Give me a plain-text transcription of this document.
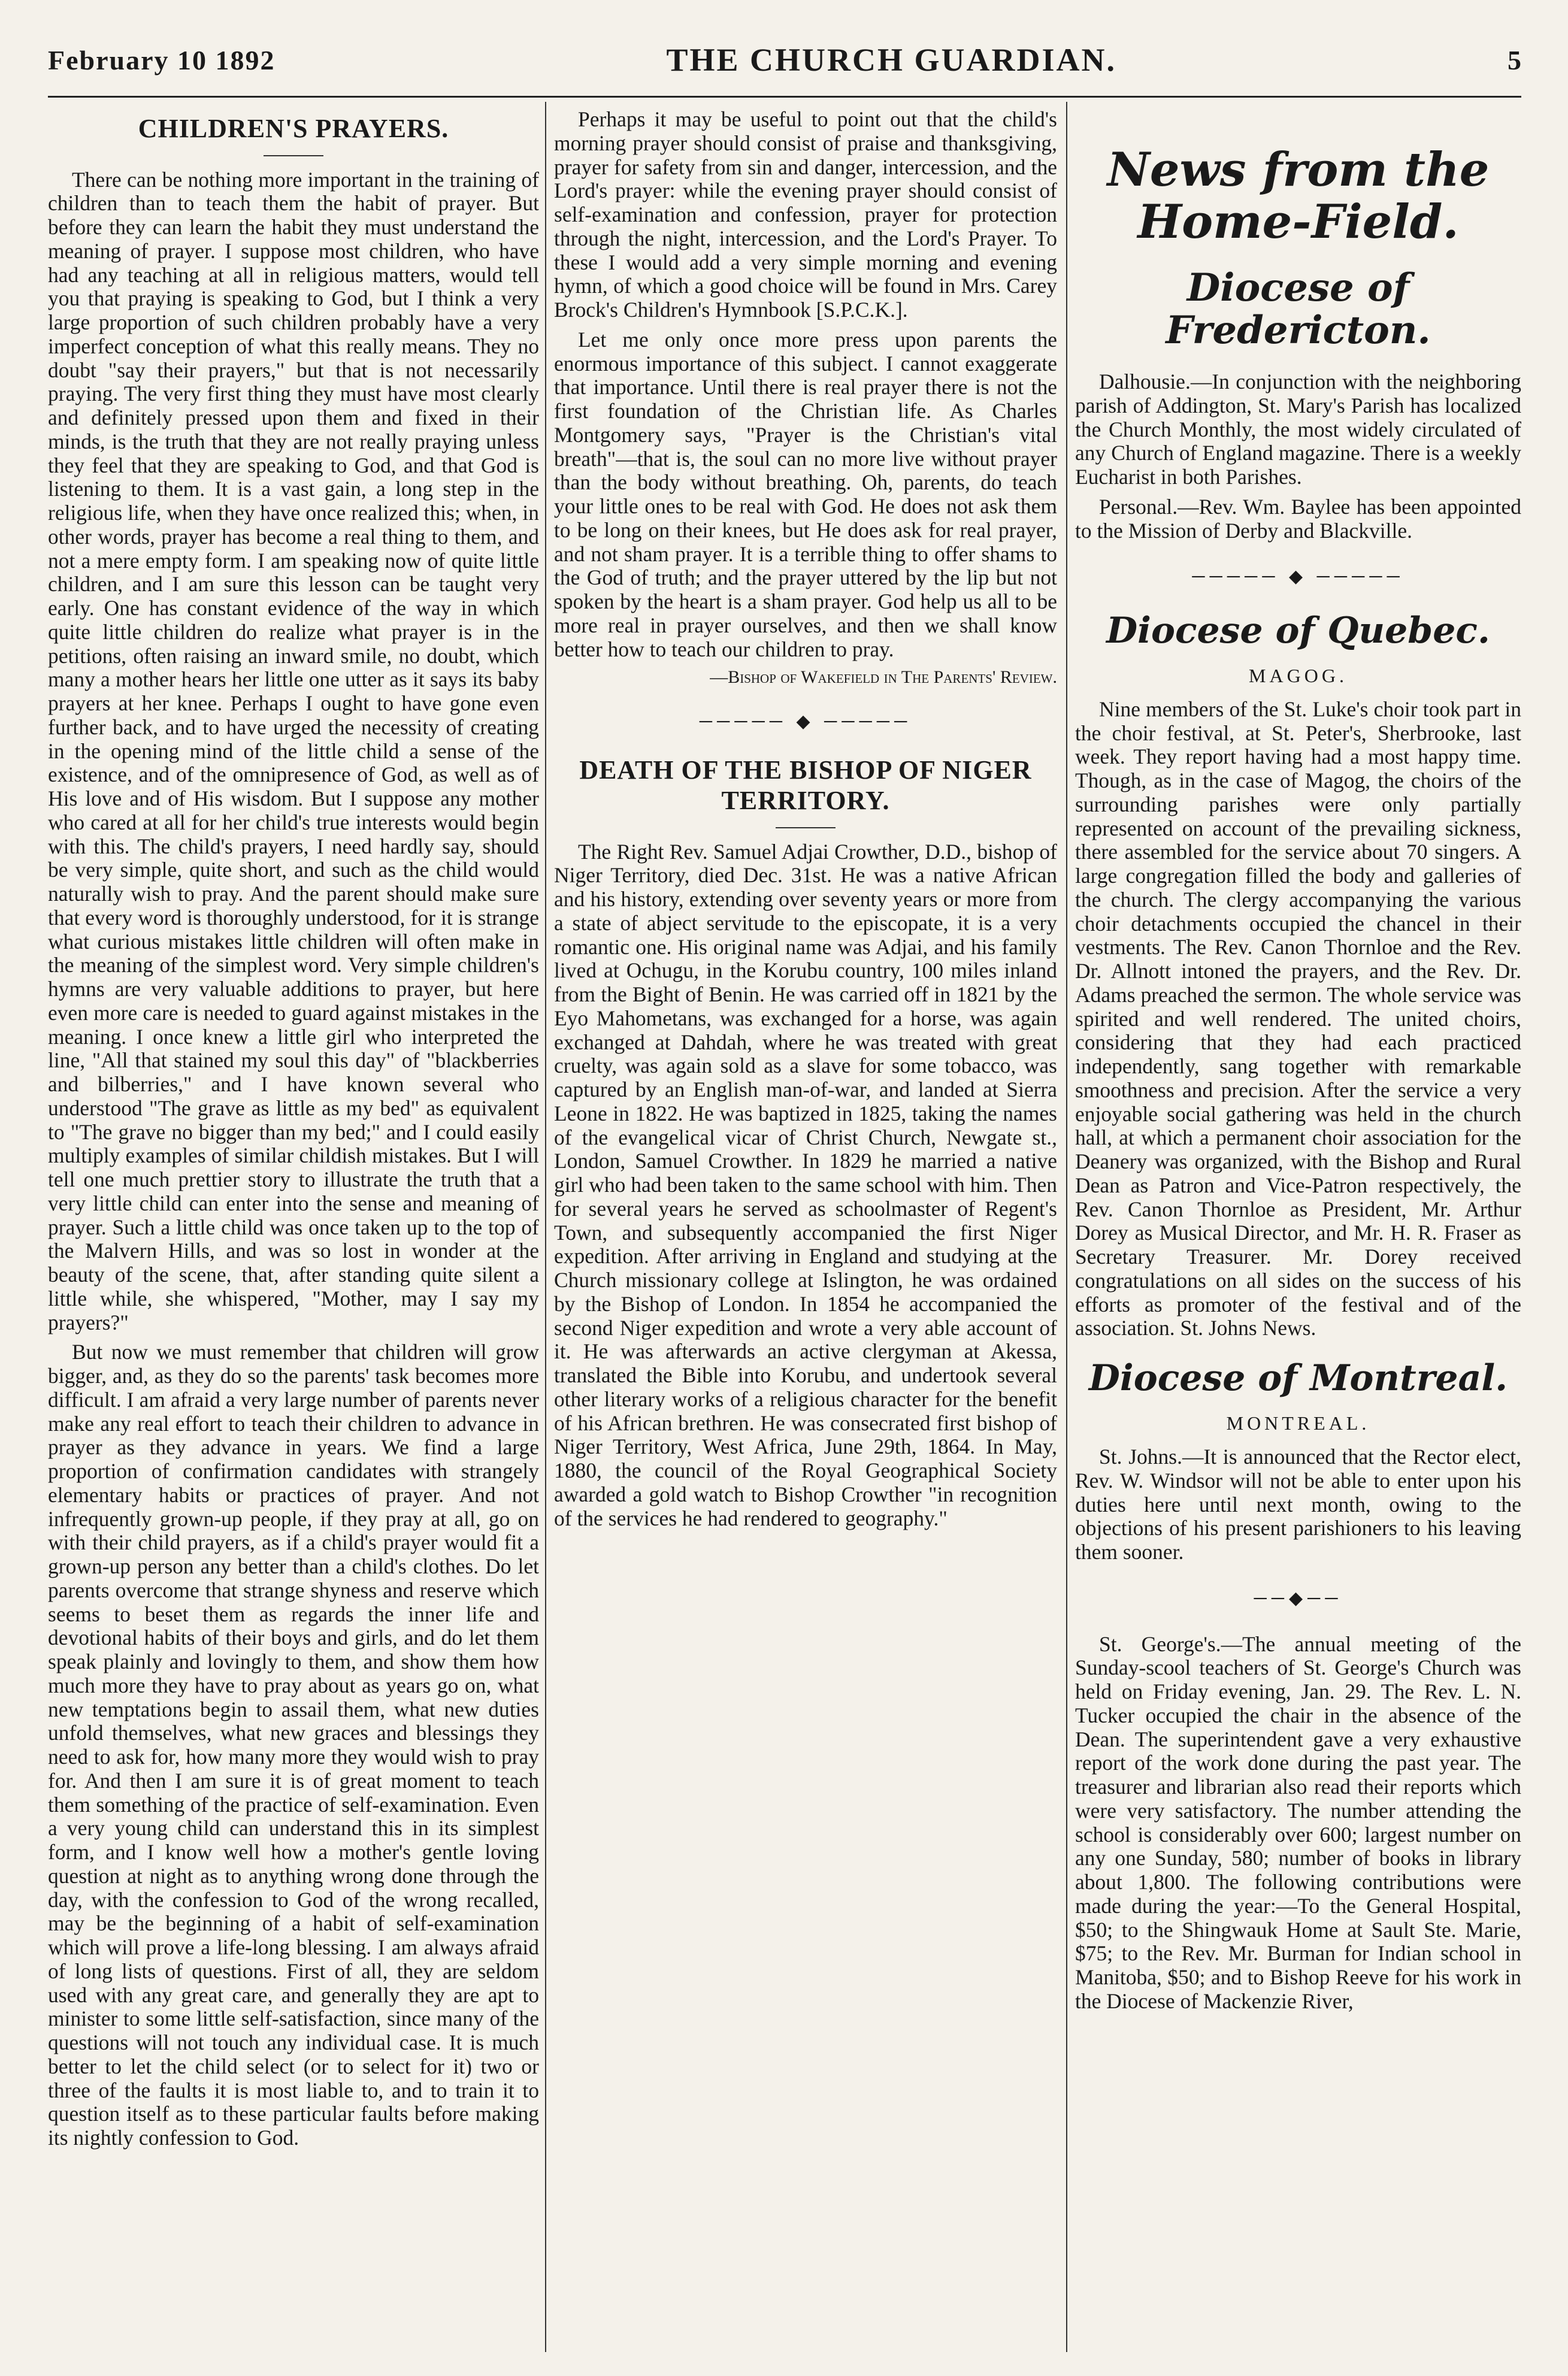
February 10 1892	THE CHURCH GUARDIAN.	5
CHILDREN'S PRAYERS.

There can be nothing more important in the training of children than to teach them the habit of prayer. But before they can learn the habit they must understand the meaning of prayer. I suppose most children, who have had any teaching at all in religious matters, would tell you that praying is speaking to God, but I think a very large proportion of such children probably have a very imperfect conception of what this really means. They no doubt "say their prayers," but that is not necessarily praying. The very first thing they must have most clearly and definitely pressed upon them and fixed in their minds, is the truth that they are not really praying unless they feel that they are speaking to God, and that God is listening to them. It is a vast gain, a long step in the religious life, when they have once realized this; when, in other words, prayer has become a real thing to them, and not a mere empty form. I am speaking now of quite little children, and I am sure this lesson can be taught very early. One has constant evidence of the way in which quite little children do realize what prayer is in the petitions, often raising an inward smile, no doubt, which many a mother hears her little one utter as it says its baby prayers at her knee. Perhaps I ought to have gone even further back, and to have urged the necessity of creating in the opening mind of the little child a sense of the existence, and of the omnipresence of God, as well as of His love and of His wisdom. But I suppose any mother who cared at all for her child's true interests would begin with this. The child's prayers, I need hardly say, should be very simple, quite short, and such as the child would naturally wish to pray. And the parent should make sure that every word is thoroughly understood, for it is strange what curious mistakes little children will often make in the meaning of the simplest word. Very simple children's hymns are very valuable additions to prayer, but here even more care is needed to guard against mistakes in the meaning. I once knew a little girl who interpreted the line, "All that stained my soul this day" of "blackberries and bilberries," and I have known several who understood "The grave as little as my bed" as equivalent to "The grave no bigger than my bed;" and I could easily multiply examples of similar childish mistakes. But I will tell one much prettier story to illustrate the truth that a very little child can enter into the sense and meaning of prayer. Such a little child was once taken up to the top of the Malvern Hills, and was so lost in wonder at the beauty of the scene, that, after standing quite silent a little while, she whispered, "Mother, may I say my prayers?"

But now we must remember that children will grow bigger, and, as they do so the parents' task becomes more difficult. I am afraid a very large number of parents never make any real effort to teach their children to advance in prayer as they advance in years. We find a large proportion of confirmation candidates with strangely elementary habits or practices of prayer. And not infrequently grown-up people, if they pray at all, go on with their child prayers, as if a child's prayer would fit a grown-up person any better than a child's clothes. Do let parents overcome that strange shyness and reserve which seems to beset them as regards the inner life and devotional habits of their boys and girls, and do let them speak plainly and lovingly to them, and show them how much more they have to pray about as years go on, what new temptations begin to assail them, what new duties unfold themselves, what new graces and blessings they need to ask for, how many more they would wish to pray for. And then I am sure it is of great moment to teach them something of the practice of self-examination. Even a very young child can understand this in its simplest form, and I know well how a mother's gentle loving question at night as to anything wrong done through the day, with the confession to God of the wrong recalled, may be the beginning of a habit of self-examination which will prove a life-long blessing. I am always afraid of long lists of questions. First of all, they are seldom used with any great care, and generally they are apt to minister to some little self-satisfaction, since many of the questions will not touch any individual case. It is much better to let the child select (or to select for it) two or three of the faults it is most liable to, and to train it to question itself as to these particular faults before making its nightly confession to God.

Perhaps it may be useful to point out that the child's morning prayer should consist of praise and thanksgiving, prayer for safety from sin and danger, intercession, and the Lord's prayer: while the evening prayer should consist of self-examination and confession, prayer for protection through the night, intercession, and the Lord's Prayer. To these I would add a very simple morning and evening hymn, of which a good choice will be found in Mrs. Carey Brock's Children's Hymnbook [S.P.C.K.].

Let me only once more press upon parents the enormous importance of this subject. I cannot exaggerate that importance. Until there is real prayer there is not the first foundation of the Christian life. As Charles Montgomery says, "Prayer is the Christian's vital breath"—that is, the soul can no more live without prayer than the body without breathing. Oh, parents, do teach your little ones to be real with God. He does not ask them to be long on their knees, but He does ask for real prayer, and not sham prayer. It is a terrible thing to offer shams to the God of truth; and the prayer uttered by the lip but not spoken by the heart is a sham prayer. God help us all to be more real in prayer ourselves, and then we shall know better how to teach our children to pray.

—Bishop of Wakefield in The Parents' Review.
───── ◆ ─────
DEATH OF THE BISHOP OF NIGER TERRITORY.

The Right Rev. Samuel Adjai Crowther, D.D., bishop of Niger Territory, died Dec. 31st. He was a native African and his history, extending over seventy years or more from a state of abject servitude to the episcopate, it is a very romantic one. His original name was Adjai, and his family lived at Ochugu, in the Korubu country, 100 miles inland from the Bight of Benin. He was carried off in 1821 by the Eyo Mahometans, was exchanged for a horse, was again exchanged at Dahdah, where he was treated with great cruelty, was again sold as a slave for some tobacco, was captured by an English man-of-war, and landed at Sierra Leone in 1822. He was baptized in 1825, taking the names of the evangelical vicar of Christ Church, Newgate st., London, Samuel Crowther. In 1829 he married a native girl who had been taken to the same school with him. Then for several years he served as schoolmaster of Regent's Town, and subsequently accompanied the first Niger expedition. After arriving in England and studying at the Church missionary college at Islington, he was ordained by the Bishop of London. In 1854 he accompanied the second Niger expedition and wrote a very able account of it. He was afterwards an active clergyman at Akessa, translated the Bible into Korubu, and undertook several other literary works of a religious character for the benefit of his African brethren. He was consecrated first bishop of Niger Territory, West Africa, June 29th, 1864. In May, 1880, the council of the Royal Geographical Society awarded a gold watch to Bishop Crowther "in recognition of the services he had rendered to geography."

News from the Home-Field.
Diocese of Fredericton.

Dalhousie.—In conjunction with the neighboring parish of Addington, St. Mary's Parish has localized the Church Monthly, the most widely circulated of any Church of England magazine. There is a weekly Eucharist in both Parishes.

Personal.—Rev. Wm. Baylee has been appointed to the Mission of Derby and Blackville.

───── ◆ ─────
Diocese of Quebec.
MAGOG.

Nine members of the St. Luke's choir took part in the choir festival, at St. Peter's, Sherbrooke, last week. They report having had a most happy time. Though, as in the case of Magog, the choirs of the surrounding parishes were only partially represented on account of the prevailing sickness, there assembled for the service about 70 singers. A large congregation filled the body and galleries of the church. The clergy accompanying the various choir detachments occupied the chancel in their vestments. The Rev. Canon Thornloe and the Rev. Dr. Allnott intoned the prayers, and the Rev. Dr. Adams preached the sermon. The whole service was spirited and well rendered. The united choirs, considering that they had each practiced independently, sang together with remarkable smoothness and precision. After the service a very enjoyable social gathering was held in the church hall, at which a permanent choir association for the Deanery was organized, with the Bishop and Rural Dean as Patron and Vice-Patron respectively, the Rev. Canon Thornloe as President, Mr. Arthur Dorey as Musical Director, and Mr. H. R. Fraser as Secretary Treasurer. Mr. Dorey received congratulations on all sides on the success of his efforts as promoter of the festival and of the association. St. Johns News.

Diocese of Montreal.
MONTREAL.

St. Johns.—It is announced that the Rector elect, Rev. W. Windsor will not be able to enter upon his duties here until next month, owing to the objections of his present parishioners to his leaving them sooner.

──◆──

St. George's.—The annual meeting of the Sunday-scool teachers of St. George's Church was held on Friday evening, Jan. 29. The Rev. L. N. Tucker occupied the chair in the absence of the Dean. The superintendent gave a very exhaustive report of the work done during the past year. The treasurer and librarian also read their reports which were very satisfactory. The number attending the school is considerably over 600; largest number on any one Sunday, 580; number of books in library about 1,800. The following contributions were made during the year:—To the General Hospital, $50; to the Shingwauk Home at Sault Ste. Marie, $75; to the Rev. Mr. Burman for Indian school in Manitoba, $50; and to Bishop Reeve for his work in the Diocese of Mackenzie River,
